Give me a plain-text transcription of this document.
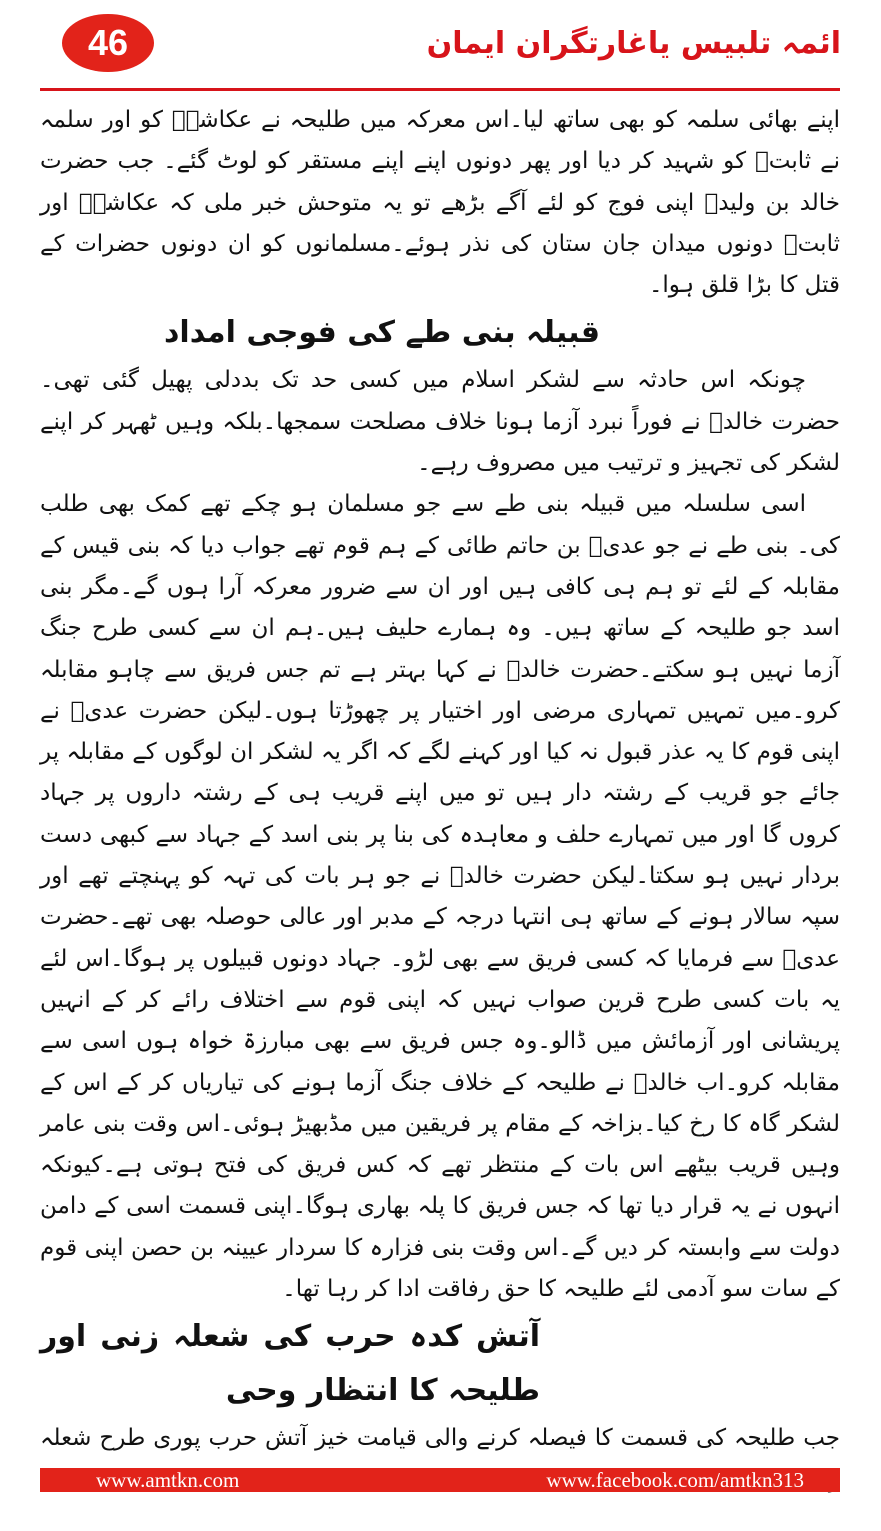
46	ائمہ تلبیس یاغارتگران ایمان

اپنے بھائی سلمہ کو بھی ساتھ لیا۔اس معرکہ میں طلیحہ نے عکاشہؓ کو اور سلمہ نے ثابتؓ کو شہید کر دیا اور پھر دونوں اپنے اپنے مستقر کو لوٹ گئے۔ جب حضرت خالد بن ولیدؓ اپنی فوج کو لئے آگے بڑھے تو یہ متوحش خبر ملی کہ عکاشہؓ اور ثابتؓ دونوں میدان جان ستان کی نذر ہوئے۔مسلمانوں کو ان دونوں حضرات کے قتل کا بڑا قلق ہوا۔

قبیلہ بنی طے کی فوجی امداد

چونکہ اس حادثہ سے لشکر اسلام میں کسی حد تک بددلی پھیل گئی تھی۔حضرت خالدؓ نے فوراً نبرد آزما ہونا خلاف مصلحت سمجھا۔بلکہ وہیں ٹھہر کر اپنے لشکر کی تجہیز و ترتیب میں مصروف رہے۔

اسی سلسلہ میں قبیلہ بنی طے سے جو مسلمان ہو چکے تھے کمک بھی طلب کی۔ بنی طے نے جو عدیؓ بن حاتم طائی کے ہم قوم تھے جواب دیا کہ بنی قیس کے مقابلہ کے لئے تو ہم ہی کافی ہیں اور ان سے ضرور معرکہ آرا ہوں گے۔مگر بنی اسد جو طلیحہ کے ساتھ ہیں۔ وہ ہمارے حلیف ہیں۔ہم ان سے کسی طرح جنگ آزما نہیں ہو سکتے۔حضرت خالدؓ نے کہا بہتر ہے تم جس فریق سے چاہو مقابلہ کرو۔میں تمہیں تمہاری مرضی اور اختیار پر چھوڑتا ہوں۔لیکن حضرت عدیؓ نے اپنی قوم کا یہ عذر قبول نہ کیا اور کہنے لگے کہ اگر یہ لشکر ان لوگوں کے مقابلہ پر جائے جو قریب کے رشتہ دار ہیں تو میں اپنے قریب ہی کے رشتہ داروں پر جہاد کروں گا اور میں تمہارے حلف و معاہدہ کی بنا پر بنی اسد کے جہاد سے کبھی دست بردار نہیں ہو سکتا۔لیکن حضرت خالدؓ نے جو ہر بات کی تہہ کو پہنچتے تھے اور سپہ سالار ہونے کے ساتھ ہی انتہا درجہ کے مدبر اور عالی حوصلہ بھی تھے۔حضرت عدیؓ سے فرمایا کہ کسی فریق سے بھی لڑو۔ جہاد دونوں قبیلوں پر ہوگا۔اس لئے یہ بات کسی طرح قرین صواب نہیں کہ اپنی قوم سے اختلاف رائے کر کے انہیں پریشانی اور آزمائش میں ڈالو۔وہ جس فریق سے بھی مبارزۃ خواہ ہوں اسی سے مقابلہ کرو۔اب خالدؓ نے طلیحہ کے خلاف جنگ آزما ہونے کی تیاریاں کر کے اس کے لشکر گاہ کا رخ کیا۔بزاخہ کے مقام پر فریقین میں مڈبھیڑ ہوئی۔اس وقت بنی عامر وہیں قریب بیٹھے اس بات کے منتظر تھے کہ کس فریق کی فتح ہوتی ہے۔کیونکہ انہوں نے یہ قرار دیا تھا کہ جس فریق کا پلہ بھاری ہوگا۔اپنی قسمت اسی کے دامن دولت سے وابستہ کر دیں گے۔اس وقت بنی فزارہ کا سردار عیینہ بن حصن اپنی قوم کے سات سو آدمی لئے طلیحہ کا حق رفاقت ادا کر رہا تھا۔

آتش کدہ حرب کی شعلہ زنی اور طلیحہ کا انتظار وحی

جب طلیحہ کی قسمت کا فیصلہ کرنے والی قیامت خیز آتش حرب پوری طرح شعلہ

www.amtkn.com	www.facebook.com/amtkn313
